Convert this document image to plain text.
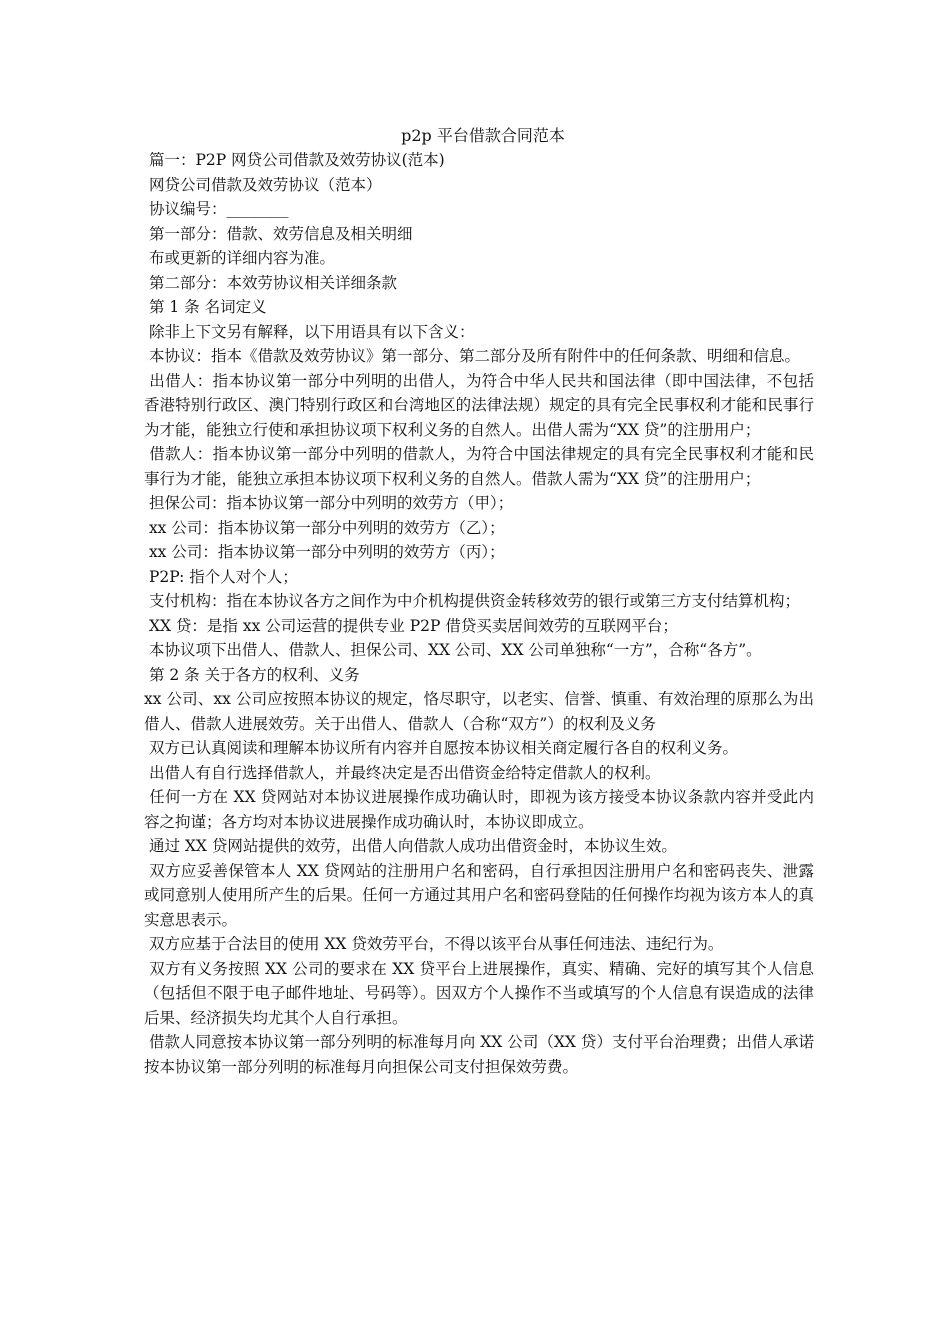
p2p 平台借款合同范本

篇一：P2P 网贷公司借款及效劳协议(范本)

网贷公司借款及效劳协议（范本）

协议编号：________

第一部分：借款、效劳信息及相关明细

布或更新的详细内容为准。

第二部分：本效劳协议相关详细条款

第 1 条 名词定义

除非上下文另有解释，以下用语具有以下含义：

本协议：指本《借款及效劳协议》第一部分、第二部分及所有附件中的任何条款、明细和信息。

出借人：指本协议第一部分中列明的出借人，为符合中华人民共和国法律（即中国法律，不包括香港特别行政区、澳门特别行政区和台湾地区的法律法规）规定的具有完全民事权利才能和民事行为才能，能独立行使和承担协议项下权利义务的自然人。出借人需为“XX 贷”的注册用户；

借款人：指本协议第一部分中列明的借款人，为符合中国法律规定的具有完全民事权利才能和民事行为才能，能独立承担本协议项下权利义务的自然人。借款人需为“XX 贷”的注册用户；

担保公司：指本协议第一部分中列明的效劳方（甲）；

xx 公司：指本协议第一部分中列明的效劳方（乙）；

xx 公司：指本协议第一部分中列明的效劳方（丙）；

P2P: 指个人对个人；

支付机构：指在本协议各方之间作为中介机构提供资金转移效劳的银行或第三方支付结算机构；

XX 贷：是指 xx 公司运营的提供专业 P2P 借贷买卖居间效劳的互联网平台；

本协议项下出借人、借款人、担保公司、XX 公司、XX 公司单独称“一方”，合称“各方”。

第 2 条 关于各方的权利、义务

xx 公司、xx 公司应按照本协议的规定，恪尽职守，以老实、信誉、慎重、有效治理的原那么为出借人、借款人进展效劳。关于出借人、借款人（合称“双方”）的权利及义务

双方已认真阅读和理解本协议所有内容并自愿按本协议相关商定履行各自的权利义务。

出借人有自行选择借款人，并最终决定是否出借资金给特定借款人的权利。

任何一方在 XX 贷网站对本协议进展操作成功确认时，即视为该方接受本协议条款内容并受此内容之拘谨；各方均对本协议进展操作成功确认时，本协议即成立。

通过 XX 贷网站提供的效劳，出借人向借款人成功出借资金时，本协议生效。

双方应妥善保管本人 XX 贷网站的注册用户名和密码，自行承担因注册用户名和密码丧失、泄露或同意别人使用所产生的后果。任何一方通过其用户名和密码登陆的任何操作均视为该方本人的真实意思表示。

双方应基于合法目的使用 XX 贷效劳平台，不得以该平台从事任何违法、违纪行为。

双方有义务按照 XX 公司的要求在 XX 贷平台上进展操作，真实、精确、完好的填写其个人信息（包括但不限于电子邮件地址、号码等）。因双方个人操作不当或填写的个人信息有误造成的法律后果、经济损失均尤其个人自行承担。

借款人同意按本协议第一部分列明的标准每月向 XX 公司（XX 贷）支付平台治理费；出借人承诺按本协议第一部分列明的标准每月向担保公司支付担保效劳费。
